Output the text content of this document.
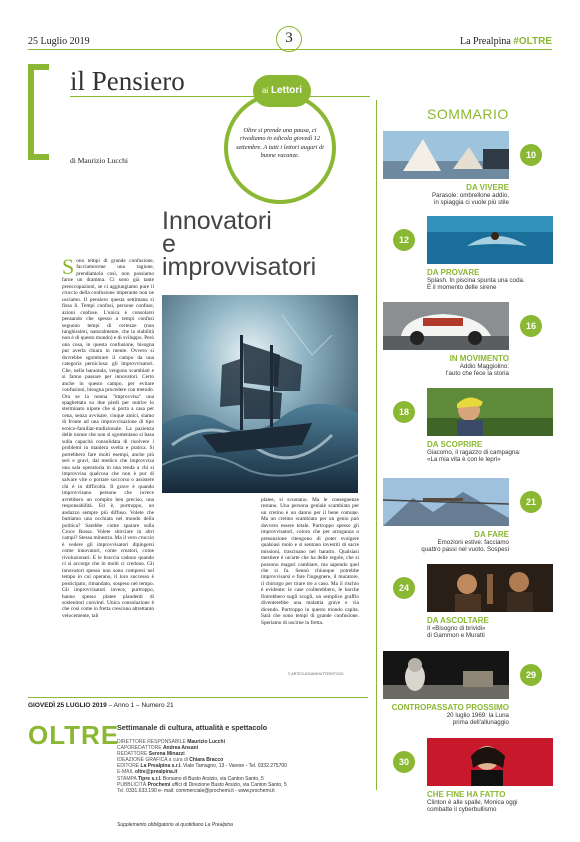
25 Luglio 2019	3	La Prealpina #OLTRE
il Pensiero
di Maurizio Lucchi
ai Lettori
Oltre si prende una pausa, ci rivediamo in edicola giovedì 12 settembre. A tutti i lettori auguri di buone vacanze.
Innovatori
e
improvvisatori
Sono tempi di grande confusione, facciamocene una ragione, prendiamola così, non possiamo farne un dramma. Ci sono già tante preoccupazioni, se ci aggiungiamo pure il cruccio della confusione imperante non ne usciamo. Il pensiero questa settimana si fissa lì. Tempi confusi, persone confuse, azioni confuse. L'unica è consolarsi pensando che spesso a tempi confusi seguono tempi di certezze (non lunghissimi, naturalmente, che la stabilità non è di questo mondo) e di sviluppo. Però una cosa, in questa confusione, bisogna pur averla chiara in mente. Ovvero si dovrebbe sgombrare il campo da una categoria perniciosa: gli improvvisatori. Che, nella baraonda, vengono scambiati e si fanno passare per innovatori. Certo anche in questo campo, per evitare confusioni, bisogna procedere con metodo. Ora se la nonna "improvvisa" una spaghettata su due piedi per nutrire lo sterminato nipote che si porta a casa per cena, senza avvisare, cinque amici, siamo di fronte ad una improvvisazione di tipo eroico-familiar-tradizionale. La pazienza delle nonne che non si sgomentano si basa sulla capacità consolidata di risolvere i problemi in maniera svelta e pratica. Si potrebbero fare molti esempi, anche più seri e gravi, dal medico che improvvisa una sala operatoria in una tenda a chi si improvvisa qualcosa che non è pur di salvare vite o portare soccorso o assistere chi è in difficoltà. Il grave è quando improvvisano persone che invece avrebbero un compito ben preciso, una responsabilità. Ed è, purtroppo, un andazzo sempre più diffuso. Volete che buttiamo una occhiata nel mondo della politica? Sarebbe come sparare sulla Croce Rossa. Volete sbirciare in altri campi? Stessa minestra. Ma il vero cruccio è vedere gli improvvisatori dipingersi come innovatori, come creatori, come rivoluzionari. E le braccia cadono quando ci si accorge che in molti ci credono. Gli innovatori spesso non sono compresi nel tempo in cui operano, il loro successo è posticipato, rimandato, sospeso nel tempo. Gli improvvisatori invece, purtroppo, hanno spesso platee plaudenti di sostenitori convinti. Unica consolazione è che così come in fretta crescono altrettanto velocemente, tali
platee, si svuotano. Ma le conseguenze restano. Una persona geniale scambiata per un cretino è un danno per il bene comune. Ma un cretino scambiato per un genio può davvero essere letale. Purtroppo spesso gli improvvisatori, coloro che per arroganza o presunzione ritengono di poter svolgere qualsiasi ruolo e si sentono investiti di sacre missioni, trascinano nel baratro. Qualsiasi mestiere è un'arte che ha delle regole, che si possono magari cambiare, ma sapendo quel che si fa. Sennò chiunque potrebbe improvvisarsi e fare l'ingegnere, il muratore, il chirurgo per tirare tre a caso. Ma il rischio è evidente: le case crollerebbero, le barche finirebbero sugli scogli, un semplice graffio diventerebbe una malattia grave e via dicendo. Purtroppo in questo mondo capita. Sarà che sono tempi di grande confusione. Speriamo di uscirne in fretta.
© ARTECUCINA/SHUTTERSTOCK
SOMMARIO
10
DA VIVERE
Parasole: ombrellone addio,
in spiaggia ci vuole più stile
12
DA PROVARE
Splash. In piscina spunta una coda.
È il momento delle sirene
16
IN MOVIMENTO
Addio Maggiolino:
l'auto che fece la storia
18
DA SCOPRIRE
Giacomo, il ragazzo di campagna:
«La mia vita è con le lepri»
21
DA FARE
Emozioni estive: facciamo
quattro passi nel vuoto. Sospesi
24
DA ASCOLTARE
Il «Bisogno di brividi»
di Gammon e Muratti
29
CONTROPASSATO PROSSIMO
20 luglio 1969: la Luna
prima dell'allunaggio
30
CHE FINE HA FATTO
Clinton è alle spalle, Monica oggi
combatte il cyberbullismo
GIOVEDÌ 25 LUGLIO 2019 – Anno 1 – Numero 21
OLTRE
Settimanale di cultura, attualità e spettacolo
DIRETTORE RESPONSABILE Maurizio Lucchi
CAPOREDATTORE Andrea Ansani
REDATTORE Serena Minazzi
IDEAZIONE GRAFICA a cura di Chiara Bracco
EDITORE La Prealpina s.r.l. Viale Tamagno, 13 - Varese - Tel. 0332.275700
E-MAIL oltre@prealpina.it
STAMPA Tipre s.r.l. Borsano di Busto Arsizio, via Canton Santo, 5
PUBBLICITÀ Prochemi uffici di Direzione Busto Arsizio, via Canton Santo, 5
Tel. 0331.633.190 e- mail: commerciale@prochemi.it - www.prochemi.it
Supplemento obbligatorio al quotidiano La Prealpina
